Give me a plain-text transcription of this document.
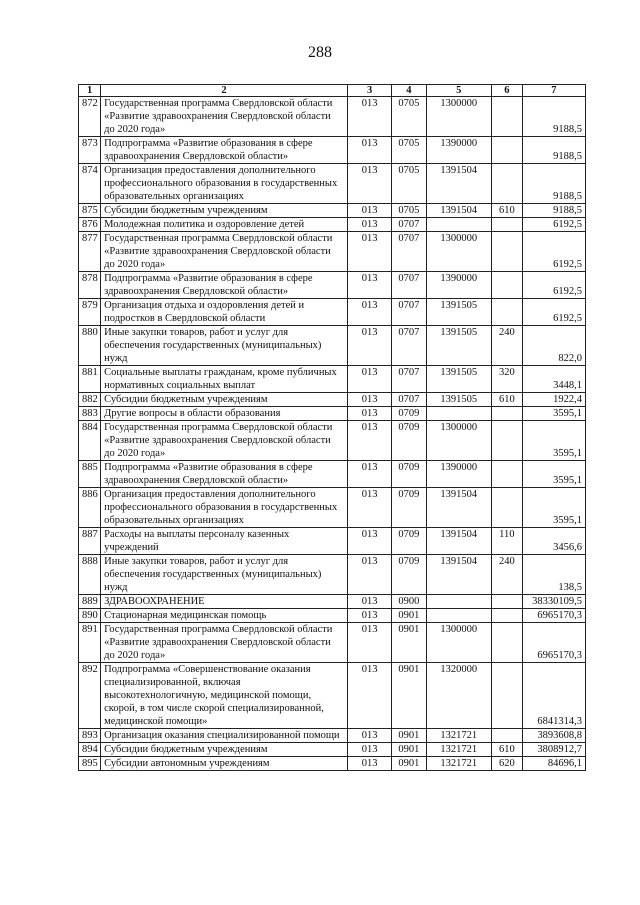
288
1	2	3	4	5	6	7
872	Государственная программа Свердловской области «Развитие здравоохранения Свердловской области до 2020 года»	013	0705	1300000		9188,5
873	Подпрограмма «Развитие образования в сфере здравоохранения Свердловской области»	013	0705	1390000		9188,5
874	Организация предоставления дополнительного профессионального образования в государственных образовательных организациях	013	0705	1391504		9188,5
875	Субсидии бюджетным учреждениям	013	0705	1391504	610	9188,5
876	Молодежная политика и оздоровление детей	013	0707			6192,5
877	Государственная программа Свердловской области «Развитие здравоохранения Свердловской области до 2020 года»	013	0707	1300000		6192,5
878	Подпрограмма «Развитие образования в сфере здравоохранения Свердловской области»	013	0707	1390000		6192,5
879	Организация отдыха и оздоровления детей и подростков в Свердловской области	013	0707	1391505		6192,5
880	Иные закупки товаров, работ и услуг для обеспечения государственных (муниципальных) нужд	013	0707	1391505	240	822,0
881	Социальные выплаты гражданам, кроме публичных нормативных социальных выплат	013	0707	1391505	320	3448,1
882	Субсидии бюджетным учреждениям	013	0707	1391505	610	1922,4
883	Другие вопросы в области образования	013	0709			3595,1
884	Государственная программа Свердловской области «Развитие здравоохранения Свердловской области до 2020 года»	013	0709	1300000		3595,1
885	Подпрограмма «Развитие образования в сфере здравоохранения Свердловской области»	013	0709	1390000		3595,1
886	Организация предоставления дополнительного профессионального образования в государственных образовательных организациях	013	0709	1391504		3595,1
887	Расходы на выплаты персоналу казенных учреждений	013	0709	1391504	110	3456,6
888	Иные закупки товаров, работ и услуг для обеспечения государственных (муниципальных) нужд	013	0709	1391504	240	138,5
889	ЗДРАВООХРАНЕНИЕ	013	0900			38330109,5
890	Стационарная медицинская помощь	013	0901			6965170,3
891	Государственная программа Свердловской области «Развитие здравоохранения Свердловской области до 2020 года»	013	0901	1300000		6965170,3
892	Подпрограмма «Совершенствование оказания специализированной, включая высокотехнологичную, медицинской помощи, скорой, в том числе скорой специализированной, медицинской помощи»	013	0901	1320000		6841314,3
893	Организация оказания специализированной помощи	013	0901	1321721		3893608,8
894	Субсидии бюджетным учреждениям	013	0901	1321721	610	3808912,7
895	Субсидии автономным учреждениям	013	0901	1321721	620	84696,1
